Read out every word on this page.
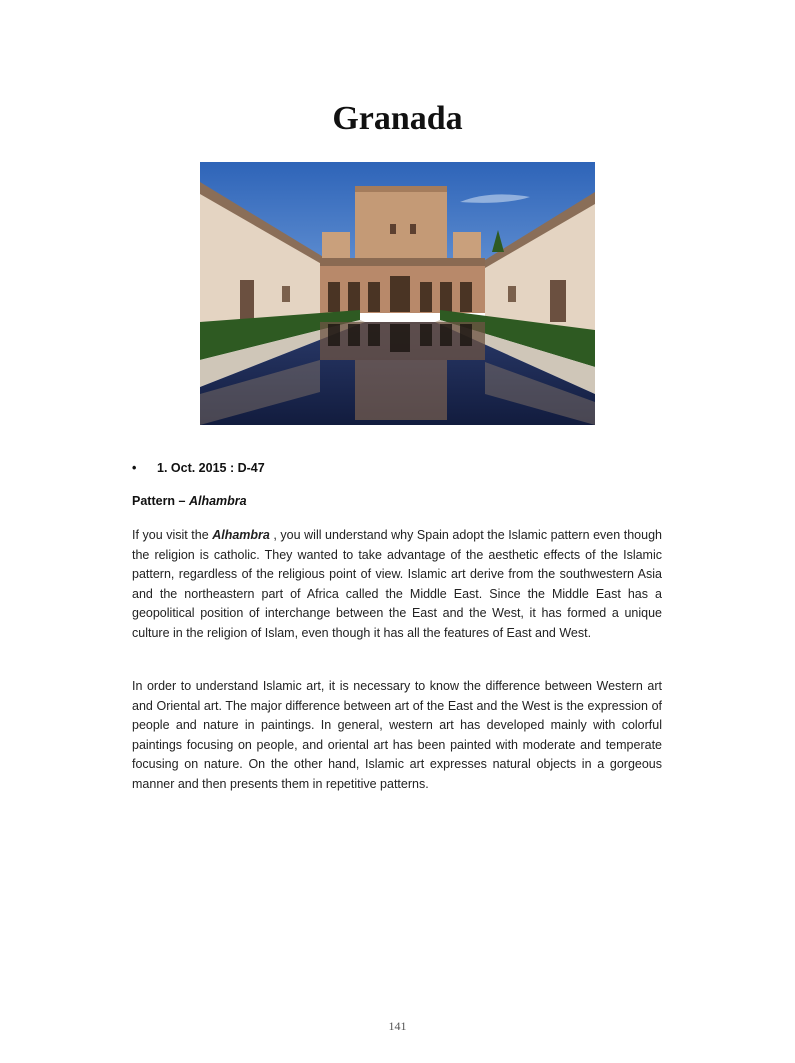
Granada
• 1. Oct. 2015 : D-47
Pattern – Alhambra

If you visit the Alhambra , you will understand why Spain adopt the Islamic pattern even though the religion is catholic. They wanted to take advantage of the aesthetic effects of the Islamic pattern, regardless of the religious point of view. Islamic art derive from the southwestern Asia and the northeastern part of Africa called the Middle East. Since the Middle East has a geopolitical position of interchange between the East and the West, it has formed a unique culture in the religion of Islam, even though it has all the features of East and West.

In order to understand Islamic art, it is necessary to know the difference between Western art and Oriental art. The major difference between art of the East and the West is the expression of people and nature in paintings. In general, western art has developed mainly with colorful paintings focusing on people, and oriental art has been painted with moderate and temperate focusing on nature. On the other hand, Islamic art expresses natural objects in a gorgeous manner and then presents them in repetitive patterns.

141
